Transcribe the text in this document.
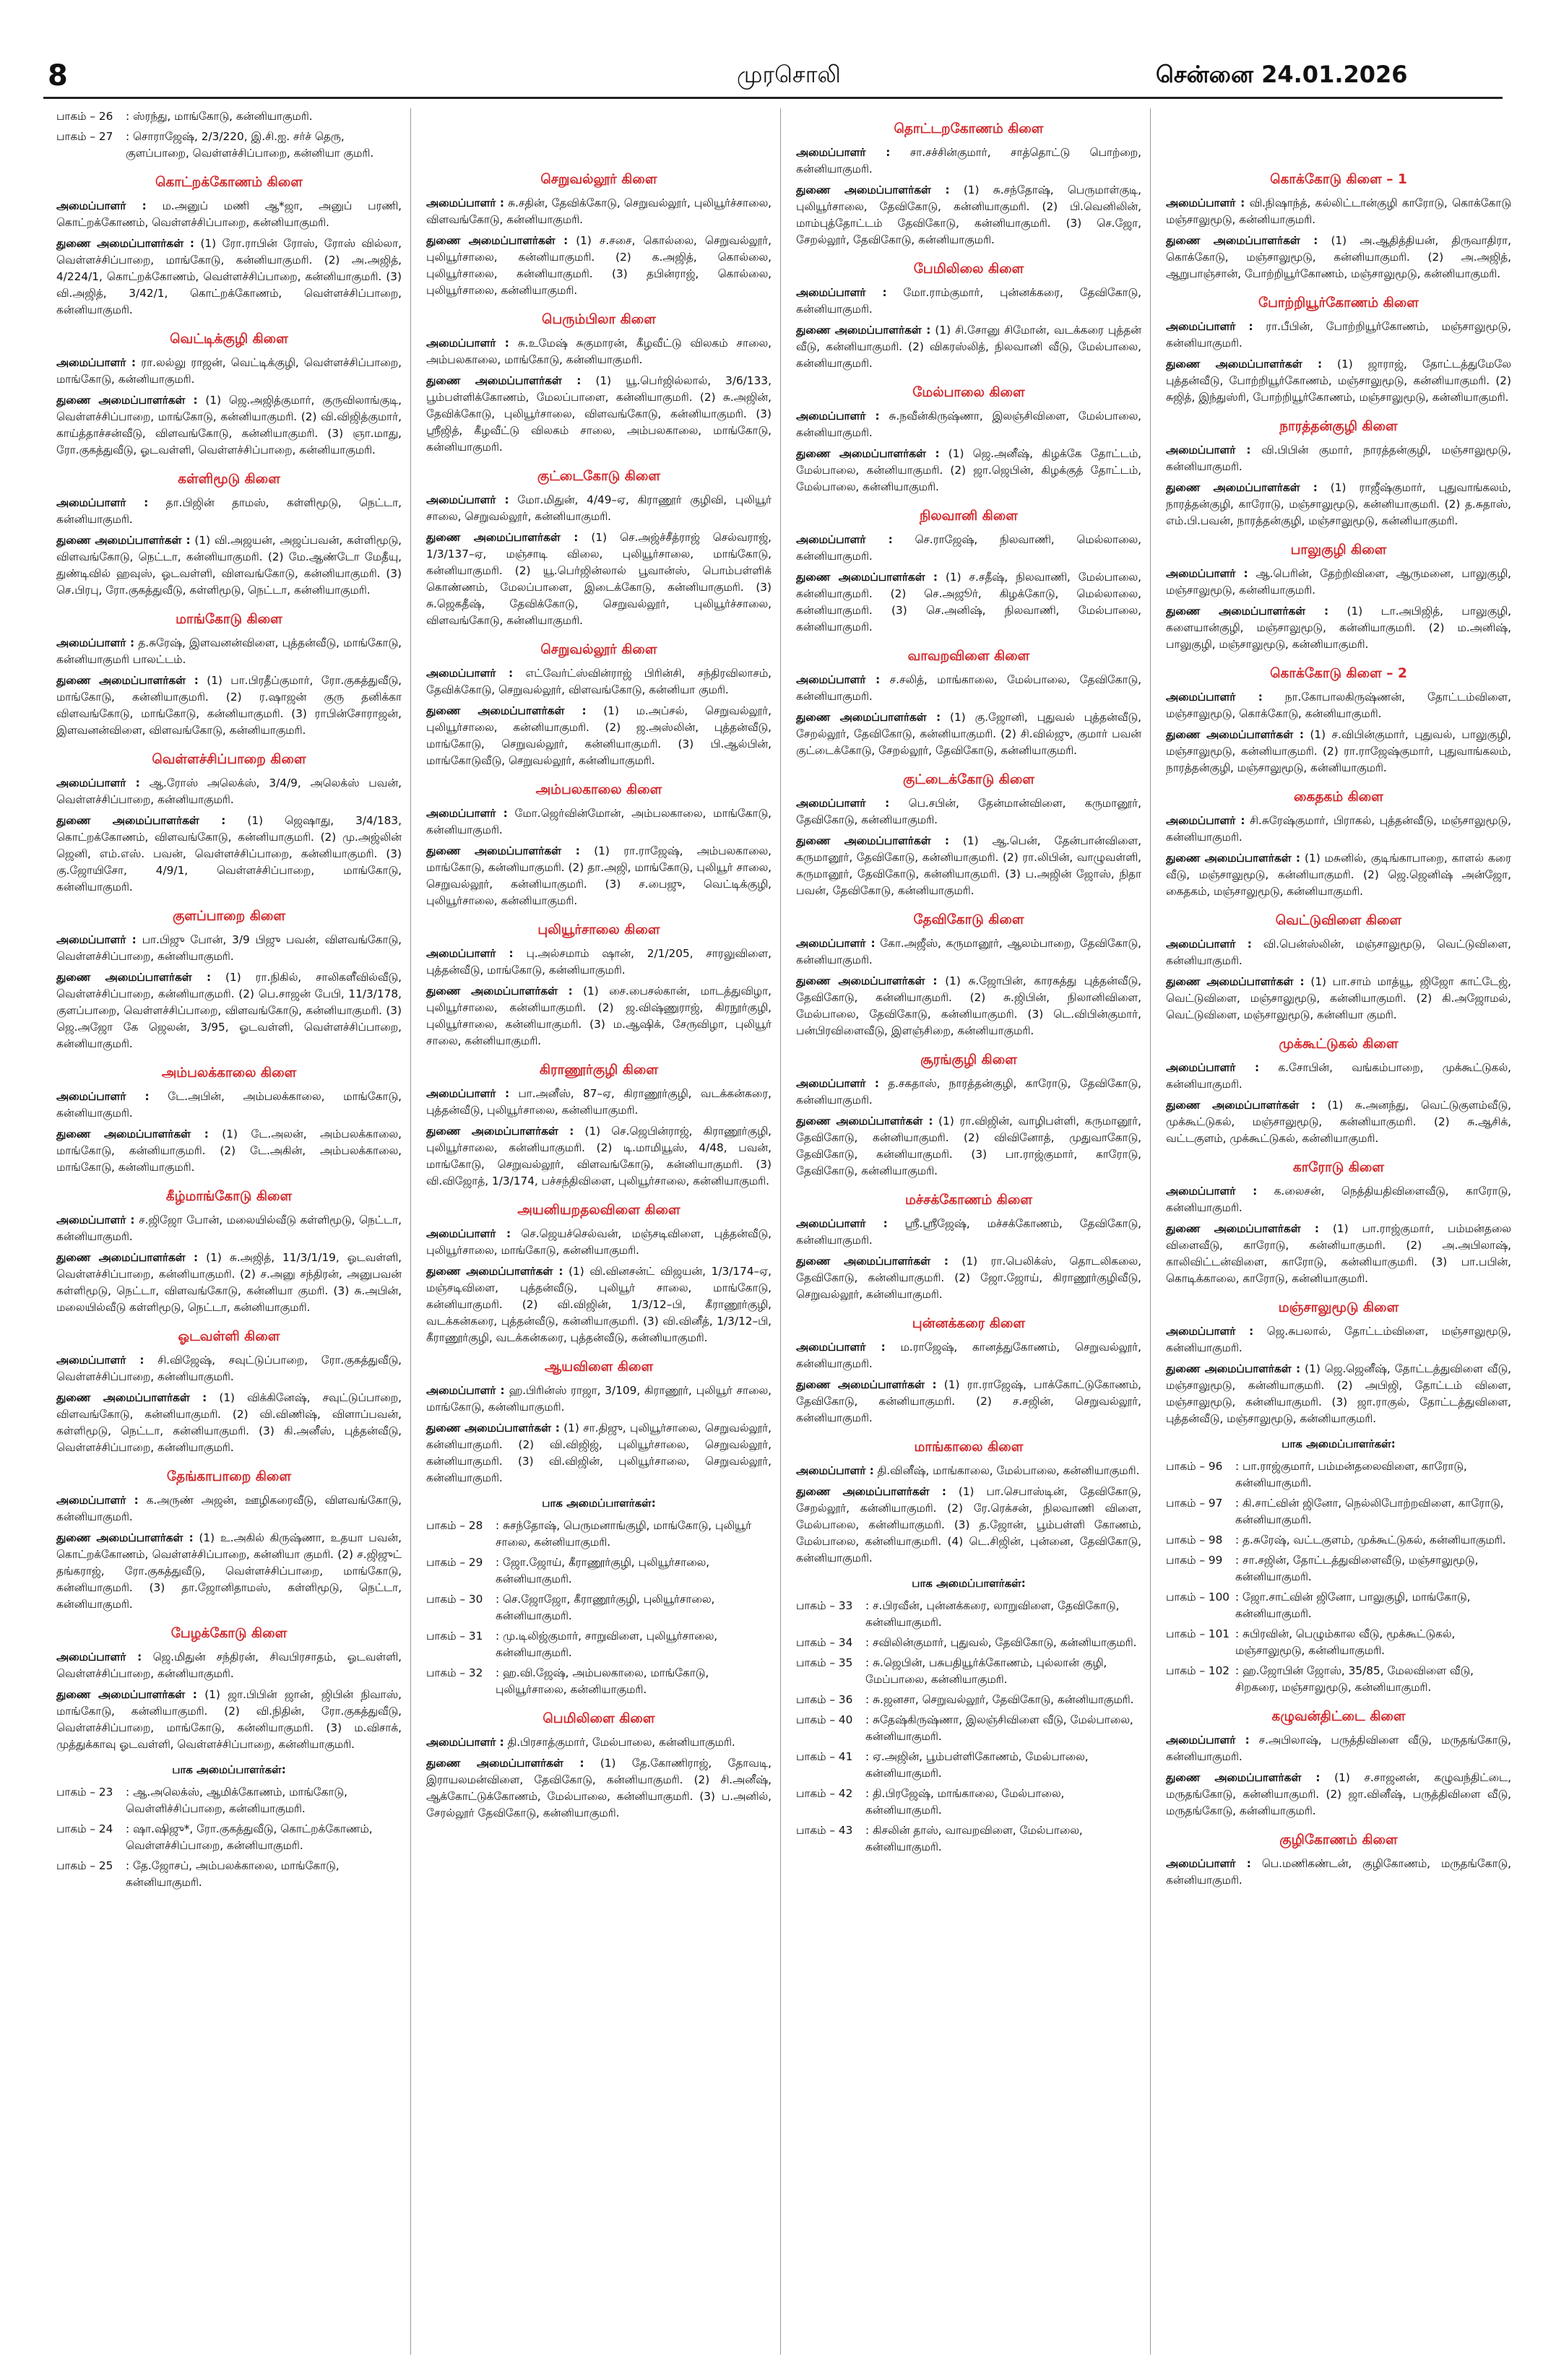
8	முரசொலி	சென்னை 24.01.2026
பாகம் – 26	: ஸ்ரந்து, மாங்கோடு, கன்னியாகுமரி.
பாகம் – 27	: சொராஜேஷ், 2/3/220, இ.சி.ஐ. சர்ச் தெரு, குளப்பாறை, வெள்ளச்சிப்பாறை, கன்னியா குமரி.
கொட்றக்கோணம் கிளை
அமைப்பாளர் : ம.அனுப் மணி ஆ*ஜா, அனுப் பரணி, கொட்றக்கோணம், வெள்ளச்சிப்பாறை, கன்னியாகுமரி.
துணை அமைப்பாளர்கள் : (1) ரோ.ராபின் ரோஸ், ரோஸ் வில்லா, வெள்ளச்சிப்பாறை, மாங்கோடு, கன்னியாகுமரி. (2) அ.அஜித், 4/224/1, கொட்றக்கோணம், வெள்ளச்சிப்பாறை, கன்னியாகுமரி. (3) வி.அஜித், 3/42/1, கொட்றக்கோணம், வெள்ளச்சிப்பாறை, கன்னியாகுமரி.
வெட்டிக்குழி கிளை
அமைப்பாளர் : ரா.லல்லு ராஜன், வெட்டிக்குழி, வெள்ளச்சிப்பாறை, மாங்கோடு, கன்னியாகுமரி.
துணை அமைப்பாளர்கள் : (1) ஜெ.அஜித்குமார், குருவிலாங்குடி, வெள்ளச்சிப்பாறை, மாங்கோடு, கன்னியாகுமரி. (2) வி.விஜித்குமார், காய்த்தாச்சன்வீடு, விளவங்கோடு, கன்னியாகுமரி. (3) ஞா.மாது, ரோ.குகத்துவீடு, ஓடவள்ளி, வெள்ளச்சிப்பாறை, கன்னியாகுமரி.
கள்ளிமூடு கிளை
அமைப்பாளர் : தா.பிஜின் தாமஸ், கள்ளிமூடு, நெட்டா, கன்னியாகுமரி.
துணை அமைப்பாளர்கள் : (1) வி.அஜயன், அஜப்பவன், கள்ளிமூடு, விளவங்கோடு, நெட்டா, கன்னியாகுமரி. (2) மே.ஆண்டோ மேதீயு, துண்டிவில் ஹவுஸ், ஓடவள்ளி, விளவங்கோடு, கன்னியாகுமரி. (3) செ.பிரபு, ரோ.குகத்துவீடு, கள்ளிமூடு, நெட்டா, கன்னியாகுமரி.
மாங்கோடு கிளை
அமைப்பாளர் : த.சுரேஷ், இளவனன்விளை, புத்தன்வீடு, மாங்கோடு, கன்னியாகுமரி பாலட்டம்.
துணை அமைப்பாளர்கள் : (1) பா.பிரதீப்குமார், ரோ.குகத்துவீடு, மாங்கோடு, கன்னியாகுமரி. (2) ர.ஷாஜன் குரு தனிக்கா விளவங்கோடு, மாங்கோடு, கன்னியாகுமரி. (3) ராபின்சோராஜன், இளவனன்விளை, விளவங்கோடு, கன்னியாகுமரி.
வெள்ளச்சிப்பாறை கிளை
அமைப்பாளர் : ஆ.ரோஸ் அலெக்ஸ், 3/4/9, அலெக்ஸ் பவன், வெள்ளச்சிப்பாறை, கன்னியாகுமரி.
துணை அமைப்பாளர்கள் : (1) ஜெஷாது, 3/4/183, கொட்றக்கோணம், விளவங்கோடு, கன்னியாகுமரி. (2) மு.அஜ்லின் ஜெனி, எம்.எஸ். பவன், வெள்ளச்சிப்பாறை, கன்னியாகுமரி. (3) கு.ஜோயிசோ, 4/9/1, வெள்ளச்சிப்பாறை, மாங்கோடு, கன்னியாகுமரி.
குளப்பாறை கிளை
அமைப்பாளர் : பா.பிஜு போன், 3/9 பிஜு பவன், விளவங்கோடு, வெள்ளச்சிப்பாறை, கன்னியாகுமரி.
துணை அமைப்பாளர்கள் : (1) ரா.நிகில், சாலிகளீவில்வீடு, வெள்ளச்சிப்பாறை, கன்னியாகுமரி. (2) பெ.சாஜன் பேபி, 11/3/178, குளப்பாறை, வெள்ளச்சிப்பாறை, விளவங்கோடு, கன்னியாகுமரி. (3) ஜெ.அஜோ கே ஜெலன், 3/95, ஓடவள்ளி, வெள்ளச்சிப்பாறை, கன்னியாகுமரி.
அம்பலக்காலை கிளை
அமைப்பாளர் : டே.அபின், அம்பலக்காலை, மாங்கோடு, கன்னியாகுமரி.
துணை அமைப்பாளர்கள் : (1) டே.அலன், அம்பலக்காலை, மாங்கோடு, கன்னியாகுமரி. (2) டே.அகின், அம்பலக்காலை, மாங்கோடு, கன்னியாகுமரி.
கீழ்மாங்கோடு கிளை
அமைப்பாளர் : ச.ஜிஜோ போன், மலையில்வீடு கள்ளிமூடு, நெட்டா, கன்னியாகுமரி.
துணை அமைப்பாளர்கள் : (1) சு.அஜித், 11/3/1/19, ஓடவள்ளி, வெள்ளச்சிப்பாறை, கன்னியாகுமரி. (2) ச.அனு சந்திரன், அனுபவன் கள்ளிமூடு, நெட்டா, விளவங்கோடு, கன்னியா குமரி. (3) சு.அபின், மலையில்வீடு கள்ளிமூடு, நெட்டா, கன்னியாகுமரி.
ஓடவள்ளி கிளை
அமைப்பாளர் : சி.விஜேஷ், சவுட்டுப்பாறை, ரோ.குகத்துவீடு, வெள்ளச்சிப்பாறை, கன்னியாகுமரி.
துணை அமைப்பாளர்கள் : (1) விக்கினேஷ், சவுட்டுப்பாறை, விளவங்கோடு, கன்னியாகுமரி. (2) வி.விணிஷ், விளாப்பவன், கள்ளிமூடு, நெட்டா, கன்னியாகுமரி. (3) கி.அனீஸ், புத்தன்வீடு, வெள்ளச்சிப்பாறை, கன்னியாகுமரி.
தேங்காபாறை கிளை
அமைப்பாளர் : க.அருண் அஜன், ஊழிகரைவீடு, விளவங்கோடு, கன்னியாகுமரி.
துணை அமைப்பாளர்கள் : (1) உ.அகில் கிருஷ்ணா, உதயா பவன், கொட்றக்கோணம், வெள்ளச்சிப்பாறை, கன்னியா குமரி. (2) ச.ஜிஜுட் தங்கராஜ், ரோ.குகத்துவீடு, வெள்ளச்சிப்பாறை, மாங்கோடு, கன்னியாகுமரி. (3) தா.ஜோனிதாமஸ், கள்ளிமூடு, நெட்டா, கன்னியாகுமரி.
பேழக்கோடு கிளை
அமைப்பாளர் : ஜெ.மிதுன் சந்திரன், சிவபிரசாதம், ஓடவள்ளி, வெள்ளச்சிப்பாறை, கன்னியாகுமரி.
துணை அமைப்பாளர்கள் : (1) ஜா.பிபின் ஜான், ஜிபின் நிவாஸ், மாங்கோடு, கன்னியாகுமரி. (2) வி.நிதின், ரோ.குகத்துவீடு, வெள்ளச்சிப்பாறை, மாங்கோடு, கன்னியாகுமரி. (3) ம.விசாக், முத்துக்காவு ஓடவள்ளி, வெள்ளச்சிப்பாறை, கன்னியாகுமரி.
பாக அமைப்பாளர்கள்:
பாகம் – 23	: ஆ.அலெக்ஸ், ஆமிக்கோணம், மாங்கோடு, வெள்ளிச்சிப்பாறை, கன்னியாகுமரி.
பாகம் – 24	: ஷா.ஷிஜு*, ரோ.குகத்துவீடு, கொட்றக்கோணம், வெள்ளச்சிப்பாறை, கன்னியாகுமரி.
பாகம் – 25	: தே.ஜோசப், அம்பலக்காலை, மாங்கோடு, கன்னியாகுமரி.
செறுவல்லூர் கிளை
அமைப்பாளர் : சு.சதின், தேவிக்கோடு, செறுவல்லூர், புலியூர்ச்சாலை, விளவங்கோடு, கன்னியாகுமரி.
துணை அமைப்பாளர்கள் : (1) ச.சசை, கொல்லை, செறுவல்லூர், புலியூர்சாலை, கன்னியாகுமரி. (2) க.அஜித், கொல்லை, புலியூர்சாலை, கன்னியாகுமரி. (3) தபின்ராஜ், கொல்லை, புலியூர்சாலை, கன்னியாகுமரி.
பெரும்பிலா கிளை
அமைப்பாளர் : சு.உமேஷ் சுகுமாரன், கீழவீட்டு விலகம் சாலை, அம்பலகாலை, மாங்கோடு, கன்னியாகுமரி.
துணை அமைப்பாளர்கள் : (1) யூ.பெர்ஜில்லால், 3/6/133, பூம்பள்ளிக்கோணம், மேலப்பாளை, கன்னியாகுமரி. (2) சு.அஜின், தேவிக்கோடு, புலியூர்சாலை, விளவங்கோடு, கன்னியாகுமரி. (3) ஸ்ரீஜித், கீழவீட்டு விலகம் சாலை, அம்பலகாலை, மாங்கோடு, கன்னியாகுமரி.
குட்டைகோடு கிளை
அமைப்பாளர் : மோ.மிதுன், 4/49–ஏ, கிராணூர் குழிவி, புலியூர் சாலை, செறுவல்லூர், கன்னியாகுமரி.
துணை அமைப்பாளர்கள் : (1) செ.அஜ்ச்சீத்ராஜ் செல்வராஜ், 1/3/137–ஏ, மஞ்சாடி விலை, புலியூர்சாலை, மாங்கோடு, கன்னியாகுமரி. (2) யூ.பெர்ஜின்லால் பூவான்ஸ், பொம்பள்ளிக் கொண்ணம், மேலப்பாளை, இடைக்கோடு, கன்னியாகுமரி. (3) சு.ஜெகதீஷ், தேவிக்கோடு, செறுவல்லூர், புலியூர்ச்சாலை, விளவங்கோடு, கன்னியாகுமரி.
செறுவல்லூர் கிளை
அமைப்பாளர் : எட்வேர்ட்ஸ்வின்ராஜ் பிரின்சி, சந்திரவிலாசம், தேவிக்கோடு, செறுவல்லூர், விளவங்கோடு, கன்னியா குமரி.
துணை அமைப்பாளர்கள் : (1) ம.அப்சல், செறுவல்லூர், புலியூர்சாலை, கன்னியாகுமரி. (2) ஜ.அஸ்லின், புத்தன்வீடு, மாங்கோடு, செறுவல்லூர், கன்னியாகுமரி. (3) பி.ஆல்பின், மாங்கோடுவீடு, செறுவல்லூர், கன்னியாகுமரி.
அம்பலகாலை கிளை
அமைப்பாளர் : மோ.ஜெர்வின்மோன், அம்பலகாலை, மாங்கோடு, கன்னியாகுமரி.
துணை அமைப்பாளர்கள் : (1) ரா.ராஜேஷ், அம்பலகாலை, மாங்கோடு, கன்னியாகுமரி. (2) தா.அஜி, மாங்கோடு, புலியூர் சாலை, செறுவல்லூர், கன்னியாகுமரி. (3) ச.பைஜு, வெட்டிக்குழி, புலியூர்சாலை, கன்னியாகுமரி.
புலியூர்சாலை கிளை
அமைப்பாளர் : பு.அல்சமாம் ஷான், 2/1/205, சாரலுவிளை, புத்தன்வீடு, மாங்கோடு, கன்னியாகுமரி.
துணை அமைப்பாளர்கள் : (1) சை.பைசல்கான், மாடத்துவிழா, புலியூர்சாலை, கன்னியாகுமரி. (2) ஜ.விஷ்ணுராஜ், கிரநூர்குழி, புலியூர்சாலை, கன்னியாகுமரி. (3) ம.ஆஷிக், சேருவிழா, புலியூர் சாலை, கன்னியாகுமரி.
கிராணூர்குழி கிளை
அமைப்பாளர் : பா.அனீஸ், 87–ஏ, கிராணூர்குழி, வடக்கன்கரை, புத்தன்வீடு, புலியூர்சாலை, கன்னியாகுமரி.
துணை அமைப்பாளர்கள் : (1) செ.ஜெபின்ராஜ், கிராணூர்குழி, புலியூர்சாலை, கன்னியாகுமரி. (2) டி.மாமியூஸ், 4/48, பவன், மாங்கோடு, செறுவல்லூர், விளவங்கோடு, கன்னியாகுமரி. (3) வி.விஜோத், 1/3/174, பச்சந்திவிளை, புலியூர்சாலை, கன்னியாகுமரி.
அயனியறதலவிளை கிளை
அமைப்பாளர் : செ.ஜெயச்செல்வன், மஞ்சடிவிளை, புத்தன்வீடு, புலியூர்சாலை, மாங்கோடு, கன்னியாகுமரி.
துணை அமைப்பாளர்கள் : (1) வி.வினசன்ட் விஜயன், 1/3/174–ஏ, மஞ்சடிவிளை, புத்தன்வீடு, புலியூர் சாலை, மாங்கோடு, கன்னியாகுமரி. (2) வி.விஜின், 1/3/12–பி, கீராணூர்குழி, வடக்கன்கரை, புத்தன்வீடு, கன்னியாகுமரி. (3) வி.வினீத், 1/3/12–பி, கீராணூர்குழி, வடக்கன்கரை, புத்தன்வீடு, கன்னியாகுமரி.
ஆயவிளை கிளை
அமைப்பாளர் : ஹ.பிரின்ஸ் ராஜா, 3/109, கிராணூர், புலியூர் சாலை, மாங்கோடு, கன்னியாகுமரி.
துணை அமைப்பாளர்கள் : (1) சா.திஜு, புலியூர்சாலை, செறுவல்லூர், கன்னியாகுமரி. (2) வி.விஜிஜ், புலியூர்சாலை, செறுவல்லூர், கன்னியாகுமரி. (3) வி.விஜின், புலியூர்சாலை, செறுவல்லூர், கன்னியாகுமரி.
பாக அமைப்பாளர்கள்:
பாகம் – 28	: சுசந்தோஷ், பெருமனாங்குழி, மாங்கோடு, புலியூர் சாலை, கன்னியாகுமரி.
பாகம் – 29	: ஜோ.ஜோய், கீராணூர்குழி, புலியூர்சாலை, கன்னியாகுமரி.
பாகம் – 30	: செ.ஜோஜோ, கீராணூர்குழி, புலியூர்சாலை, கன்னியாகுமரி.
பாகம் – 31	: மு.டிலிஜ்குமார், சாறுவிளை, புலியூர்சாலை, கன்னியாகுமரி.
பாகம் – 32	: ஹ.வி.ஜேஷ், அம்பலகாலை, மாங்கோடு, புலியூர்சாலை, கன்னியாகுமரி.
பெமிலிளை கிளை
அமைப்பாளர் : தி.பிரசாத்குமார், மேல்பாலை, கன்னியாகுமரி.
துணை அமைப்பாளர்கள் : (1) தே.கோணிராஜ், தோவடி, இராயலமன்விளை, தேவிகோடு, கன்னியாகுமரி. (2) சி.அனீஷ், ஆக்கோட்டுக்கோணம், மேல்பாலை, கன்னியாகுமரி. (3) ப.அனில், சேரல்லூர் தேவிகோடு, கன்னியாகுமரி.
தொட்டறகோணம் கிளை
அமைப்பாளர் : சா.சச்சின்குமார், சாத்தொட்டு பொற்றை, கன்னியாகுமரி.
துணை அமைப்பாளர்கள் : (1) சு.சந்தோஷ், பெருமாள்குடி, புலியூர்சாலை, தேவிகோடு, கன்னியாகுமரி. (2) பி.வெனிலின், மாம்புத்தோட்டம் தேவிகோடு, கன்னியாகுமரி. (3) செ.ஜோ, சேறல்லூர், தேவிகோடு, கன்னியாகுமரி.
பேமிலிலை கிளை
அமைப்பாளர் : மோ.ராம்குமார், புன்னக்கரை, தேவிகோடு, கன்னியாகுமரி.
துணை அமைப்பாளர்கள் : (1) சி.சோனு சிமோன், வடக்கரை புத்தன் வீடு, கன்னியாகுமரி. (2) விகரஸ்லித், நிலவானி வீடு, மேல்பாலை, கன்னியாகுமரி.
மேல்பாலை கிளை
அமைப்பாளர் : சு.நவீன்கிருஷ்ணா, இலஞ்சிவிளை, மேல்பாலை, கன்னியாகுமரி.
துணை அமைப்பாளர்கள் : (1) ஜெ.அனீஷ், கிழக்கே தோட்டம், மேல்பாலை, கன்னியாகுமரி. (2) ஜா.ஜெபின், கிழக்குத் தோட்டம், மேல்பாலை, கன்னியாகுமரி.
நிலவானி கிளை
அமைப்பாளர் : செ.ராஜேஷ், நிலவாணி, மெல்லாலை, கன்னியாகுமரி.
துணை அமைப்பாளர்கள் : (1) ச.சதீஷ், நிலவாணி, மேல்பாலை, கன்னியாகுமரி. (2) செ.அஜூர், கிழக்கோடு, மெல்லாலை, கன்னியாகுமரி. (3) செ.அனிஷ், நிலவாணி, மேல்பாலை, கன்னியாகுமரி.
வாவறவிளை கிளை
அமைப்பாளர் : ச.சலித், மாங்காலை, மேல்பாலை, தேவிகோடு, கன்னியாகுமரி.
துணை அமைப்பாளர்கள் : (1) கு.ஜோனி, புதுவல் புத்தன்வீடு, சேறல்லூர், தேவிகோடு, கன்னியாகுமரி. (2) சி.வில்ஜு, குமார் பவன் குட்டைக்கோடு, சேறல்லூர், தேவிகோடு, கன்னியாகுமரி.
குட்டைக்கோடு கிளை
அமைப்பாளர் : பெ.சபின், தேன்மான்விளை, கருமானூர், தேவிகோடு, கன்னியாகுமரி.
துணை அமைப்பாளர்கள் : (1) ஆ.பென், தேன்பான்விளை, கருமானூர், தேவிகோடு, கன்னியாகுமரி. (2) ரா.லிபின், வாழுவள்ளி, கருமானூர், தேவிகோடு, கன்னியாகுமரி. (3) ப.அஜின் ஜோஸ், நிதா பவன், தேவிகோடு, கன்னியாகுமரி.
தேவிகோடு கிளை
அமைப்பாளர் : கோ.அஜீஸ், கருமானூர், ஆலம்பாறை, தேவிகோடு, கன்னியாகுமரி.
துணை அமைப்பாளர்கள் : (1) சு.ஜோபின், காரகத்து புத்தன்வீடு, தேவிகோடு, கன்னியாகுமரி. (2) சு.ஜிபின், நிலானிவிளை, மேல்பாலை, தேவிகோடு, கன்னியாகுமரி. (3) டெ.விபின்குமார், பன்பிரவிளைவீடு, இளஞ்சிறை, கன்னியாகுமரி.
சூரங்குழி கிளை
அமைப்பாளர் : த.சகதாஸ், நாரத்தன்குழி, காரோடு, தேவிகோடு, கன்னியாகுமரி.
துணை அமைப்பாளர்கள் : (1) ரா.விஜின், வாழிபள்ளி, கருமானூர், தேவிகோடு, கன்னியாகுமரி. (2) விவினோத், முதுவாகோடு, தேவிகோடு, கன்னியாகுமரி. (3) பா.ராஜ்குமார், காரோடு, தேவிகோடு, கன்னியாகுமரி.
மச்சக்கோணம் கிளை
அமைப்பாளர் : ஸ்ரீ.ஸ்ரீஜேஷ், மச்சக்கோணம், தேவிகோடு, கன்னியாகுமரி.
துணை அமைப்பாளர்கள் : (1) ரா.பெலிக்ஸ், தொடலிகலை, தேவிகோடு, கன்னியாகுமரி. (2) ஜோ.ஜோய், கிராணூர்குழிவீடு, செறுவல்லூர், கன்னியாகுமரி.
புன்னக்கரை கிளை
அமைப்பாளர் : ம.ராஜேஷ், கானத்துகோணம், செறுவல்லூர், கன்னியாகுமரி.
துணை அமைப்பாளர்கள் : (1) ரா.ராஜேஷ், பாக்கோட்டுகோணம், தேவிகோடு, கன்னியாகுமரி. (2) ச.சஜின், செறுவல்லூர், கன்னியாகுமரி.
மாங்காலை கிளை
அமைப்பாளர் : தி.வினீஷ், மாங்காலை, மேல்பாலை, கன்னியாகுமரி.
துணை அமைப்பாளர்கள் : (1) பா.செபாஸ்டின், தேவிகோடு, சேறல்லூர், கன்னியாகுமரி. (2) ரே.ரெக்சன், நிலவாணி விளை, மேல்பாலை, கன்னியாகுமரி. (3) த.ஜோன், பூம்பள்ளி கோணம், மேல்பாலை, கன்னியாகுமரி. (4) டெ.சிஜின், புன்னை, தேவிகோடு, கன்னியாகுமரி.
பாக அமைப்பாளர்கள்:
பாகம் – 33	: ச.பிரவீன், புன்னக்கரை, லாறுவிளை, தேவிகோடு, கன்னியாகுமரி.
பாகம் – 34	: சவிலின்குமார், புதுவல், தேவிகோடு, கன்னியாகுமரி.
பாகம் – 35	: சு.ஜெபின், பசுபதியூர்க்கோணம், புல்லான் குழி, மேப்பாலை, கன்னியாகுமரி.
பாகம் – 36	: சு.ஜனசா, செறுவல்லூர், தேவிகோடு, கன்னியாகுமரி.
பாகம் – 40	: சுதேஷ்கிருஷ்ணா, இலஞ்சிவிளை வீடு, மேல்பாலை, கன்னியாகுமரி.
பாகம் – 41	: ஏ.அஜின், பூம்பள்ளிகோணம், மேல்பாலை, கன்னியாகுமரி.
பாகம் – 42	: தி.பிரஜேஷ், மாங்காலை, மேல்பாலை, கன்னியாகுமரி.
பாகம் – 43	: கிசலின் தாஸ், வாவறவிளை, மேல்பாலை, கன்னியாகுமரி.
கொக்கோடு கிளை – 1
அமைப்பாளர் : வி.நிஷாந்த், கல்லிட்டான்குழி காரோடு, கொக்கோடு மஞ்சாலுமூடு, கன்னியாகுமரி.
துணை அமைப்பாளர்கள் : (1) அ.ஆதித்தியன், திருவாதிரா, கொக்கோடு, மஞ்சாலுமூடு, கன்னியாகுமரி. (2) அ.அஜித், ஆறுபாஞ்சான், போற்றியூர்கோணம், மஞ்சாலுமூடு, கன்னியாகுமரி.
போற்றியூர்கோணம் கிளை
அமைப்பாளர் : ரா.பீபின், போற்றியூர்கோணம், மஞ்சாலுமூடு, கன்னியாகுமரி.
துணை அமைப்பாளர்கள் : (1) ஜாராஜ், தோட்டத்துமேலே புத்தன்வீடு, போற்றியூர்கோணம், மஞ்சாலுமூடு, கன்னியாகுமரி. (2) சுஜித், இந்துஸ்ரி, போற்றியூர்கோணம், மஞ்சாலுமூடு, கன்னியாகுமரி.
நாரத்தன்குழி கிளை
அமைப்பாளர் : வி.பிபின் குமார், நாரத்தன்குழி, மஞ்சாலுமூடு, கன்னியாகுமரி.
துணை அமைப்பாளர்கள் : (1) ராஜீஷ்குமார், புதுவாங்கலம், நாரத்தன்குழி, காரோடு, மஞ்சாலுமூடு, கன்னியாகுமரி. (2) த.சுதாஸ், எம்.பி.பவன், நாரத்தன்குழி, மஞ்சாலுமூடு, கன்னியாகுமரி.
பாலுகுழி கிளை
அமைப்பாளர் : ஆ.பெரின், தேற்றிவிளை, ஆருமனை, பாலுகுழி, மஞ்சாலுமூடு, கன்னியாகுமரி.
துணை அமைப்பாளர்கள் : (1) டா.அபிஜித், பாலுகுழி, களையான்குழி, மஞ்சாலுமூடு, கன்னியாகுமரி. (2) ம.அனிஷ், பாலுகுழி, மஞ்சாலுமூடு, கன்னியாகுமரி.
கொக்கோடு கிளை – 2
அமைப்பாளர் : நா.கோபாலகிருஷ்ணன், தோட்டம்விளை, மஞ்சாலுமூடு, கொக்கோடு, கன்னியாகுமரி.
துணை அமைப்பாளர்கள் : (1) ச.விபின்குமார், புதுவல், பாலுகுழி, மஞ்சாலுமூடு, கன்னியாகுமரி. (2) ரா.ராஜேஷ்குமார், புதுவாங்கலம், நாரத்தன்குழி, மஞ்சாலுமூடு, கன்னியாகுமரி.
கைதகம் கிளை
அமைப்பாளர் : சி.சுரேஷ்குமார், பிராகல், புத்தன்வீடு, மஞ்சாலுமூடு, கன்னியாகுமரி.
துணை அமைப்பாளர்கள் : (1) மசுனில், குடிங்காபாறை, காளல் கரை வீடு, மஞ்சாலுமூடு, கன்னியாகுமரி. (2) ஜெ.ஜெனிஷ் அன்ஜோ, கைதகம், மஞ்சாலுமூடு, கன்னியாகுமரி.
வெட்டுவிளை கிளை
அமைப்பாளர் : வி.பென்ஸ்லின், மஞ்சாலுமூடு, வெட்டுவிளை, கன்னியாகுமரி.
துணை அமைப்பாளர்கள் : (1) பா.சாம் மாத்யூ, ஜிஜோ காட்டேஜ், வெட்டுவிளை, மஞ்சாலுமூடு, கன்னியாகுமரி. (2) கி.அஜோமல், வெட்டுவிளை, மஞ்சாலுமூடு, கன்னியா குமரி.
முக்கூட்டுகல் கிளை
அமைப்பாளர் : க.சோபின், வங்கம்பாறை, முக்கூட்டுகல், கன்னியாகுமரி.
துணை அமைப்பாளர்கள் : (1) சு.அனந்து, வெட்டுகுளம்வீடு, முக்கூட்டுகல், மஞ்சாலுமூடு, கன்னியாகுமரி. (2) சு.ஆசிக், வட்டகுளம், முக்கூட்டுகல், கன்னியாகுமரி.
காரோடு கிளை
அமைப்பாளர் : க.லைசன், நெத்தியதிவிளைவீடு, காரோடு, கன்னியாகுமரி.
துணை அமைப்பாளர்கள் : (1) பா.ராஜ்குமார், பம்மன்தலை விளைவீடு, காரோடு, கன்னியாகுமரி. (2) அ.அபிலாஷ், காலிவிட்டன்விளை, காரோடு, கன்னியாகுமரி. (3) பா.பபின், கொடிக்காலை, காரோடு, கன்னியாகுமரி.
மஞ்சாலுமூடு கிளை
அமைப்பாளர் : ஜெ.சுபலால், தோட்டம்விளை, மஞ்சாலுமூடு, கன்னியாகுமரி.
துணை அமைப்பாளர்கள் : (1) ஜெ.ஜெனீஷ், தோட்டத்துவிளை வீடு, மஞ்சாலுமூடு, கன்னியாகுமரி. (2) அபிஜி, தோட்டம் விளை, மஞ்சாலுமூடு, கன்னியாகுமரி. (3) ஜா.ராகுல், தோட்டத்துவிளை, புத்தன்வீடு, மஞ்சாலுமூடு, கன்னியாகுமரி.
பாக அமைப்பாளர்கள்:
பாகம் – 96	: பா.ராஜ்குமார், பம்மன்தலைவிளை, காரோடு, கன்னியாகுமரி.
பாகம் – 97	: கி.சாட்வின் ஜினோ, நெல்லிபோற்றவிளை, காரோடு, கன்னியாகுமரி.
பாகம் – 98	: த.சுரேஷ், வட்டகுளம், முக்கூட்டுகல், கன்னியாகுமரி.
பாகம் – 99	: சா.சஜின், தோட்டத்துவிளைவீடு, மஞ்சாலுமூடு, கன்னியாகுமரி.
பாகம் – 100 : ஜோ.சாட்வின் ஜினோ, பாலுகுழி, மாங்கோடு, கன்னியாகுமரி.
பாகம் – 101 : சுபிரவின், பெழும்கால வீடு, மூக்கூட்டுகல், மஞ்சாலுமூடு, கன்னியாகுமரி.
பாகம் – 102 : ஹ.ஜோபின் ஜோஸ், 35/85, மேலவிளை வீடு, சிறகரை, மஞ்சாலுமூடு, கன்னியாகுமரி.
கழுவன்திட்டை கிளை
அமைப்பாளர் : ச.அபிலாஷ், பருத்திவிளை வீடு, மருதங்கோடு, கன்னியாகுமரி.
துணை அமைப்பாளர்கள் : (1) ச.சாஜனன், கழுவந்திட்டை, மருதங்கோடு, கன்னியாகுமரி. (2) ஜா.வினீஷ், பருத்திவிளை வீடு, மருதங்கோடு, கன்னியாகுமரி.
குழிகோணம் கிளை
அமைப்பாளர் : பெ.மணிகண்டன், குழிகோணம், மருதங்கோடு, கன்னியாகுமரி.
